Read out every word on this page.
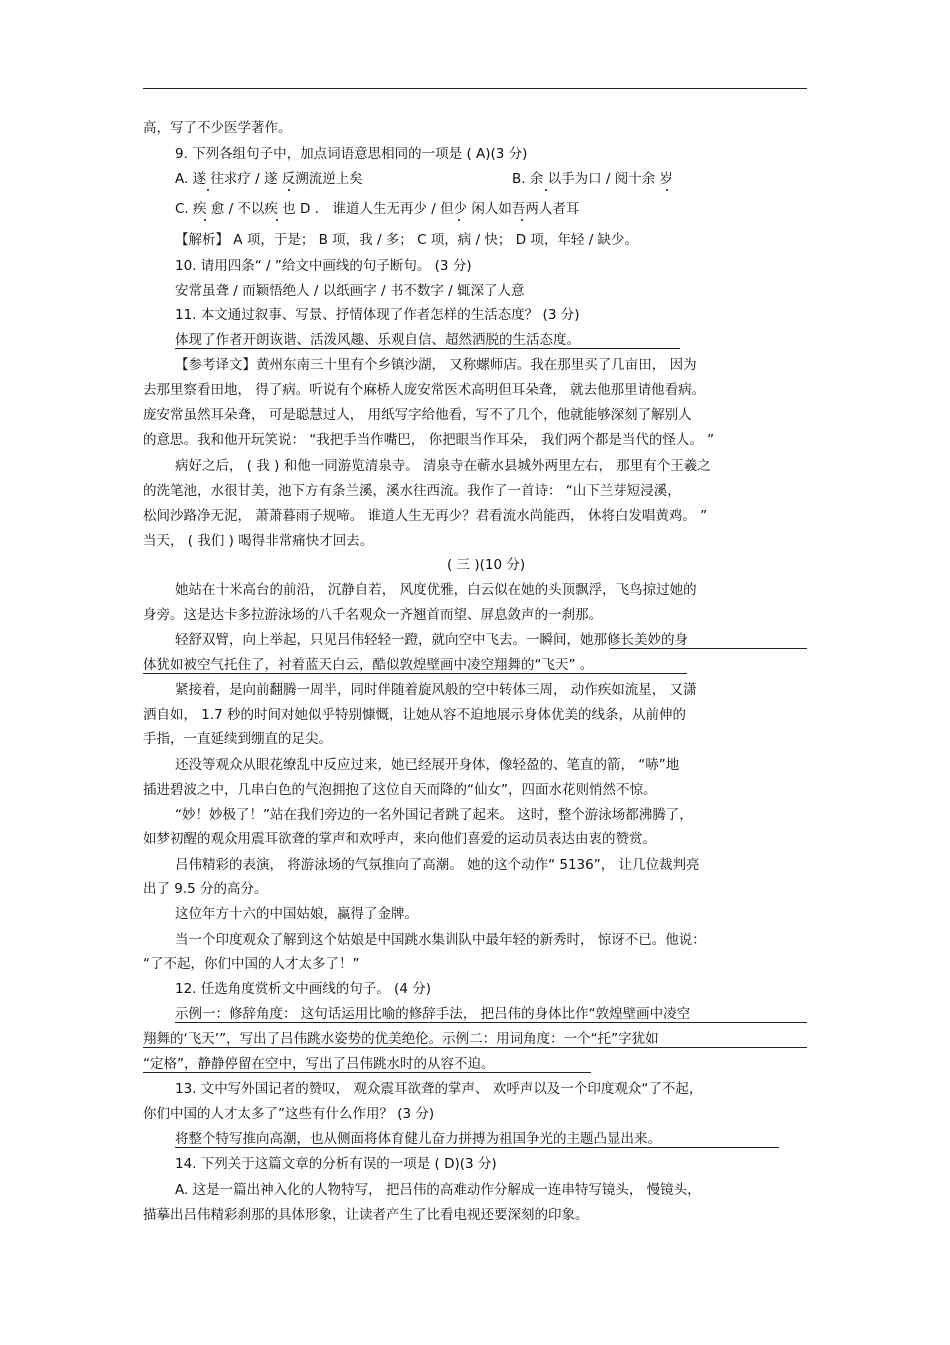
高，写了不少医学著作。
9. 下列各组句子中，加点词语意思相同的一项是 ( A)(3 分)
A. 遂 往求疗 / 遂 反溯流逆上矣	B. 余 以手为口 / 阅十余 岁
C. 疾 愈 / 不以疾 也 D ． 谁道人生无再少 / 但少 闲人如吾两人者耳
【解析】 A 项，于是； B 项，我 / 多； C 项，病 / 快； D 项，年轻 / 缺少。
10. 请用四条“ / ”给文中画线的句子断句。 (3 分)
安常虽聋 / 而颖悟绝人 / 以纸画字 / 书不数字 / 辄深了人意
11. 本文通过叙事、写景、抒情体现了作者怎样的生活态度？ (3 分)
体现了作者开朗诙谐、活泼风趣、乐观自信、超然洒脱的生活态度。
【参考译文】黄州东南三十里有个乡镇沙湖， 又称螺师店。我在那里买了几亩田， 因为
去那里察看田地， 得了病。听说有个麻桥人庞安常医术高明但耳朵聋， 就去他那里请他看病。
庞安常虽然耳朵聋， 可是聪慧过人， 用纸写字给他看，写不了几个，他就能够深刻了解别人
的意思。我和他开玩笑说： “我把手当作嘴巴， 你把眼当作耳朵， 我们两个都是当代的怪人。 ”
病好之后， ( 我 ) 和他一同游览清泉寺。 清泉寺在蕲水县城外两里左右， 那里有个王羲之
的洗笔池，水很甘美，池下方有条兰溪，溪水往西流。我作了一首诗： “山下兰芽短浸溪，
松间沙路净无泥， 萧萧暮雨子规啼。 谁道人生无再少？君看流水尚能西， 休将白发唱黄鸡。 ”
当天， ( 我们 ) 喝得非常痛快才回去。
( 三 )(10 分)
她站在十米高台的前沿， 沉静自若， 风度优雅，白云似在她的头顶飘浮，飞鸟掠过她的
身旁。这是达卡多拉游泳场的八千名观众一齐翘首而望、屏息敛声的一刹那。
轻舒双臂，向上举起，只见吕伟轻轻一蹬，就向空中飞去。一瞬间，她那修长美妙的身
体犹如被空气托住了，衬着蓝天白云，酷似敦煌壁画中凌空翔舞的“飞天” 。
紧接着，是向前翻腾一周半，同时伴随着旋风般的空中转体三周， 动作疾如流星， 又潇
洒自如， 1.7 秒的时间对她似乎特别慷慨，让她从容不迫地展示身体优美的线条，从前伸的
手指，一直延续到绷直的足尖。
还没等观众从眼花缭乱中反应过来，她已经展开身体，像轻盈的、笔直的箭， “哧”地
插进碧波之中，几串白色的气泡拥抱了这位自天而降的“仙女”，四面水花则悄然不惊。
“妙！妙极了！”站在我们旁边的一名外国记者跳了起来。 这时，整个游泳场都沸腾了，
如梦初醒的观众用震耳欲聋的掌声和欢呼声，来向他们喜爱的运动员表达由衷的赞赏。
吕伟精彩的表演， 将游泳场的气氛推向了高潮。 她的这个动作“ 5136”， 让几位裁判亮
出了 9.5 分的高分。
这位年方十六的中国姑娘，赢得了金牌。
当一个印度观众了解到这个姑娘是中国跳水集训队中最年轻的新秀时， 惊讶不已。他说：
“了不起，你们中国的人才太多了！”
12. 任选角度赏析文中画线的句子。 (4 分)
示例一：修辞角度： 这句话运用比喻的修辞手法， 把吕伟的身体比作“敦煌壁画中凌空
翔舞的‘飞天’”，写出了吕伟跳水姿势的优美绝伦。示例二：用词角度：一个“托”字犹如
“定格”，静静停留在空中，写出了吕伟跳水时的从容不迫。
13. 文中写外国记者的赞叹， 观众震耳欲聋的掌声、 欢呼声以及一个印度观众“了不起，
你们中国的人才太多了”这些有什么作用？ (3 分)
将整个特写推向高潮，也从侧面将体育健儿奋力拼搏为祖国争光的主题凸显出来。
14. 下列关于这篇文章的分析有误的一项是 ( D)(3 分)
A. 这是一篇出神入化的人物特写， 把吕伟的高难动作分解成一连串特写镜头， 慢镜头，
描摹出吕伟精彩刹那的具体形象，让读者产生了比看电视还要深刻的印象。
